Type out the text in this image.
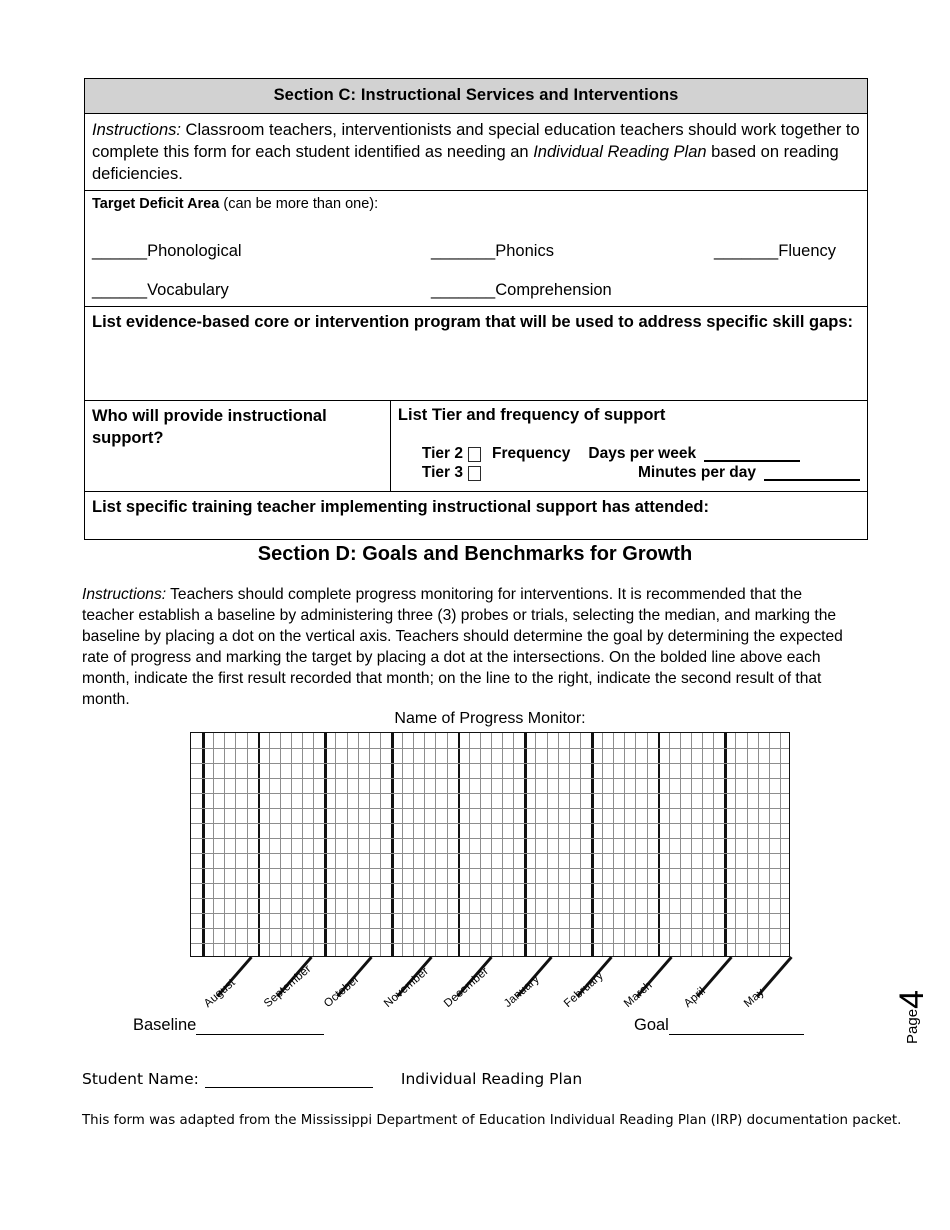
Section C: Instructional Services and Interventions
Instructions: Classroom teachers, interventionists and special education teachers should work together to complete this form for each student identified as needing an Individual Reading Plan based on reading deficiencies.
Target Deficit Area (can be more than one):
______Phonological	_______Phonics	_______Fluency
______Vocabulary	_______Comprehension
List evidence-based core or intervention program that will be used to address specific skill gaps:
Who will provide instructional support?
List Tier and frequency of support
Tier 2 Frequency Days per week
Tier 3	Minutes per day
List specific training teacher implementing instructional support has attended:
Section D: Goals and Benchmarks for Growth
Instructions: Teachers should complete progress monitoring for interventions. It is recommended that the teacher establish a baseline by administering three (3) probes or trials, selecting the median, and marking the baseline by placing a dot on the vertical axis. Teachers should determine the goal by determining the expected rate of progress and marking the target by placing a dot at the intersections. On the bolded line above each month, indicate the first result recorded that month; on the line to the right, indicate the second result of that month.
Name of Progress Monitor:
August September October November December January February March April	May
Baseline	Goal	Page4
Student Name:	Individual Reading Plan
This form was adapted from the Mississippi Department of Education Individual Reading Plan (IRP) documentation packet.
